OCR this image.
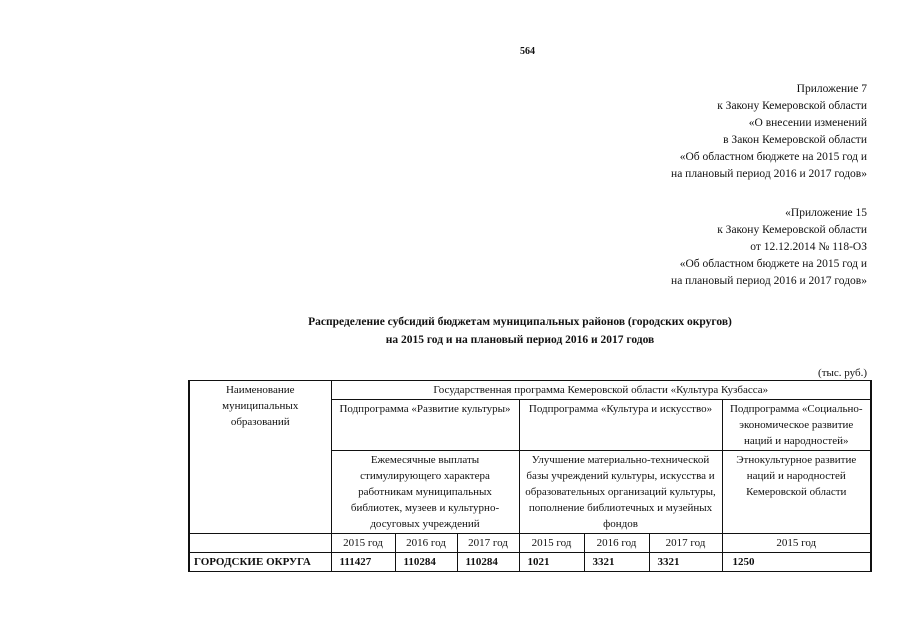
564
Приложение 7
к Закону Кемеровской области
«О внесении изменений
в Закон Кемеровской области
«Об областном бюджете на 2015 год и
на плановый период 2016 и 2017 годов»
«Приложение 15
к Закону Кемеровской области
от 12.12.2014 № 118-ОЗ
«Об областном бюджете на 2015 год и
на плановый период 2016 и 2017 годов»
Распределение субсидий бюджетам муниципальных районов (городских округов)
на 2015 год и на плановый период 2016 и 2017 годов
(тыс. руб.)
Наименование муниципальных образований	Государственная программа Кемеровской области «Культура Кузбасса»						
	Подпрограмма «Развитие культуры»			Подпрограмма «Культура и искусство»			Подпрограмма «Социально-экономическое развитие наций и народностей»
	Ежемесячные выплаты стимулирующего характера работникам муниципальных библиотек, музеев и культурно-досуговых учреждений			Улучшение материально-технической базы учреждений культуры, искусства и образовательных организаций культуры, пополнение библиотечных и музейных фондов			Этнокультурное развитие наций и народностей Кемеровской области
	2015 год	2016 год	2017 год	2015 год	2016 год	2017 год	2015 год
ГОРОДСКИЕ ОКРУГА	111427	110284	110284	1021	3321	3321	1250
